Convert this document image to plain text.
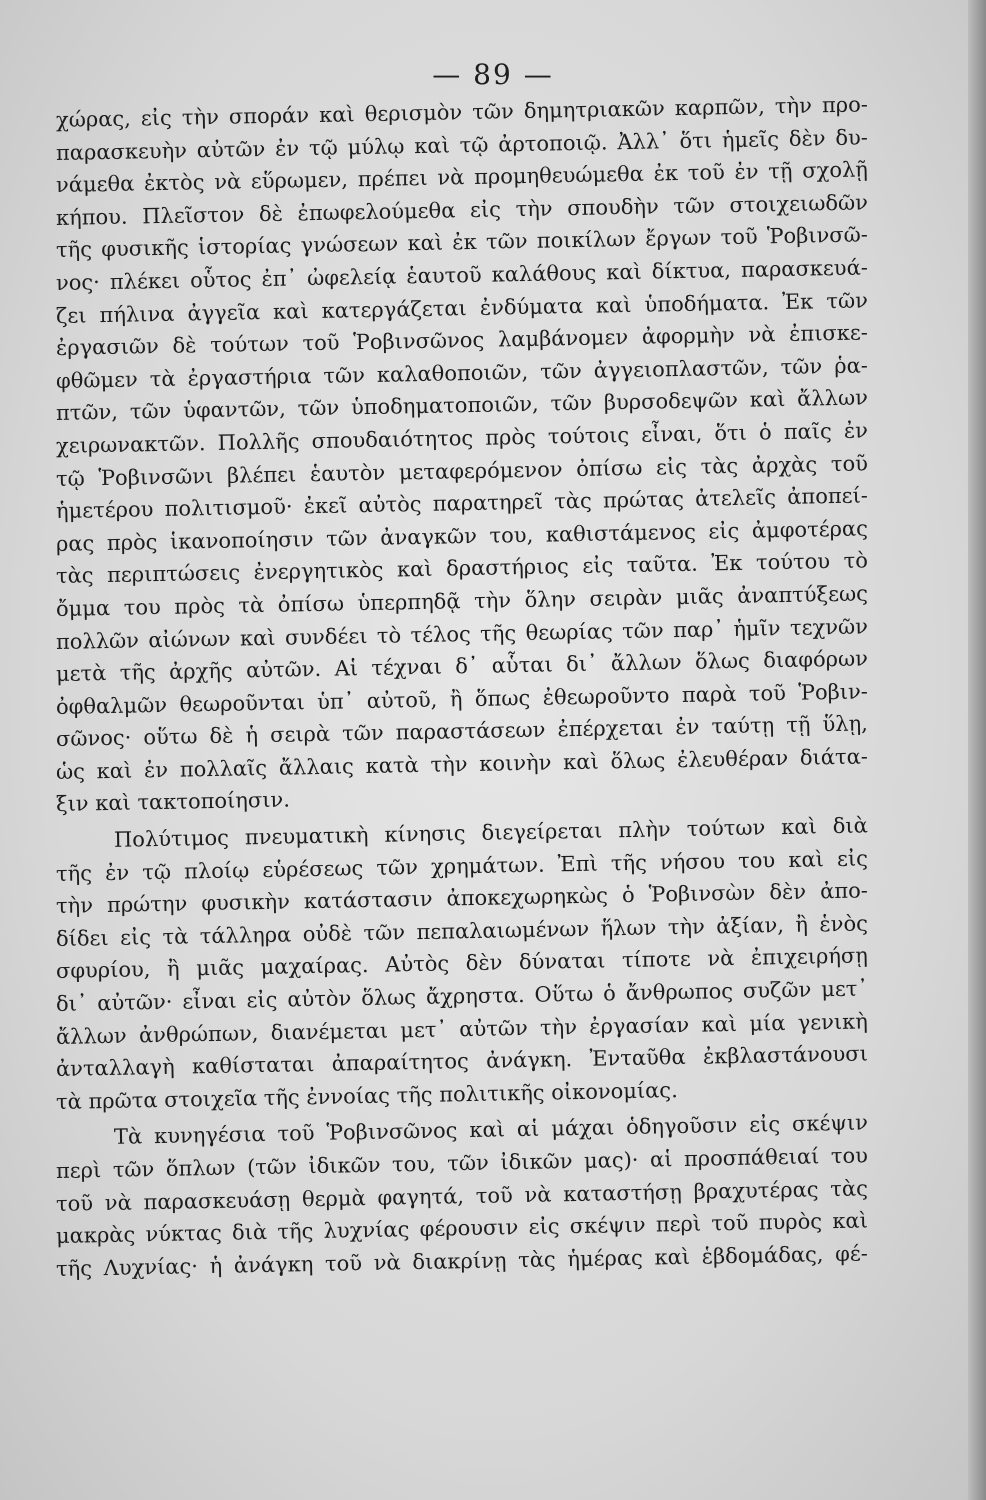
— 89 —
χώρας, εἰς τὴν σποράν καὶ θερισμὸν τῶν δημητριακῶν καρπῶν, τὴν προ-
παρασκευὴν αὐτῶν ἐν τῷ μύλῳ καὶ τῷ ἀρτοποιῷ. Ἀλλ᾽ ὅτι ἡμεῖς δὲν δυ-
νάμεθα ἐκτὸς νὰ εὕρωμεν, πρέπει νὰ προμηθευώμεθα ἐκ τοῦ ἐν τῇ σχολῇ
κήπου. Πλεῖστον δὲ ἐπωφελούμεθα εἰς τὴν σπουδὴν τῶν στοιχειωδῶν
τῆς φυσικῆς ἱστορίας γνώσεων καὶ ἐκ τῶν ποικίλων ἔργων τοῦ Ῥοβινσῶ-
νος· πλέκει οὗτος ἐπ᾽ ὠφελείᾳ ἑαυτοῦ καλάθους καὶ δίκτυα, παρασκευά-
ζει πήλινα ἀγγεῖα καὶ κατεργάζεται ἐνδύματα καὶ ὑποδήματα. Ἐκ τῶν
ἐργασιῶν δὲ τούτων τοῦ Ῥοβινσῶνος λαμβάνομεν ἀφορμὴν νὰ ἐπισκε-
φθῶμεν τὰ ἐργαστήρια τῶν καλαθοποιῶν, τῶν ἀγγειοπλαστῶν, τῶν ῥα-
πτῶν, τῶν ὑφαντῶν, τῶν ὑποδηματοποιῶν, τῶν βυρσοδεψῶν καὶ ἄλλων
χειρωνακτῶν. Πολλῆς σπουδαιότητος πρὸς τούτοις εἶναι, ὅτι ὁ παῖς ἐν
τῷ Ῥοβινσῶνι βλέπει ἑαυτὸν μεταφερόμενον ὀπίσω εἰς τὰς ἀρχὰς τοῦ
ἡμετέρου πολιτισμοῦ· ἐκεῖ αὐτὸς παρατηρεῖ τὰς πρώτας ἀτελεῖς ἀποπεί-
ρας πρὸς ἱκανοποίησιν τῶν ἀναγκῶν του, καθιστάμενος εἰς ἀμφοτέρας
τὰς περιπτώσεις ἐνεργητικὸς καὶ δραστήριος εἰς ταῦτα. Ἐκ τούτου τὸ
ὄμμα του πρὸς τὰ ὀπίσω ὑπερπηδᾷ τὴν ὅλην σειρὰν μιᾶς ἀναπτύξεως
πολλῶν αἰώνων καὶ συνδέει τὸ τέλος τῆς θεωρίας τῶν παρ᾽ ἡμῖν τεχνῶν
μετὰ τῆς ἀρχῆς αὐτῶν. Αἱ τέχναι δ᾽ αὗται δι᾽ ἄλλων ὅλως διαφόρων
ὀφθαλμῶν θεωροῦνται ὑπ᾽ αὐτοῦ, ἢ ὅπως ἐθεωροῦντο παρὰ τοῦ Ῥοβιν-
σῶνος· οὕτω δὲ ἡ σειρὰ τῶν παραστάσεων ἐπέρχεται ἐν ταύτῃ τῇ ὕλῃ,
ὡς καὶ ἐν πολλαῖς ἄλλαις κατὰ τὴν κοινὴν καὶ ὅλως ἐλευθέραν διάτα-
ξιν καὶ τακτοποίησιν.
Πολύτιμος πνευματικὴ κίνησις διεγείρεται πλὴν τούτων καὶ διὰ
τῆς ἐν τῷ πλοίῳ εὑρέσεως τῶν χρημάτων. Ἐπὶ τῆς νήσου του καὶ εἰς
τὴν πρώτην φυσικὴν κατάστασιν ἀποκεχωρηκὼς ὁ Ῥοβινσὼν δὲν ἀπο-
δίδει εἰς τὰ τάλληρα οὐδὲ τῶν πεπαλαιωμένων ἥλων τὴν ἀξίαν, ἢ ἑνὸς
σφυρίου, ἢ μιᾶς μαχαίρας. Αὐτὸς δὲν δύναται τίποτε νὰ ἐπιχειρήσῃ
δι᾽ αὐτῶν· εἶναι εἰς αὐτὸν ὅλως ἄχρηστα. Οὕτω ὁ ἄνθρωπος συζῶν μετ᾽
ἄλλων ἀνθρώπων, διανέμεται μετ᾽ αὐτῶν τὴν ἐργασίαν καὶ μία γενικὴ
ἀνταλλαγὴ καθίσταται ἀπαραίτητος ἀνάγκη. Ἐνταῦθα ἐκβλαστάνουσι
τὰ πρῶτα στοιχεῖα τῆς ἐννοίας τῆς πολιτικῆς οἰκονομίας.
Τὰ κυνηγέσια τοῦ Ῥοβινσῶνος καὶ αἱ μάχαι ὁδηγοῦσιν εἰς σκέψιν
περὶ τῶν ὅπλων (τῶν ἰδικῶν του, τῶν ἰδικῶν μας)· αἱ προσπάθειαί του
τοῦ νὰ παρασκευάσῃ θερμὰ φαγητά, τοῦ νὰ καταστήσῃ βραχυτέρας τὰς
μακρὰς νύκτας διὰ τῆς λυχνίας φέρουσιν εἰς σκέψιν περὶ τοῦ πυρὸς καὶ
τῆς Λυχνίας· ἡ ἀνάγκη τοῦ νὰ διακρίνῃ τὰς ἡμέρας καὶ ἑβδομάδας, φέ-
